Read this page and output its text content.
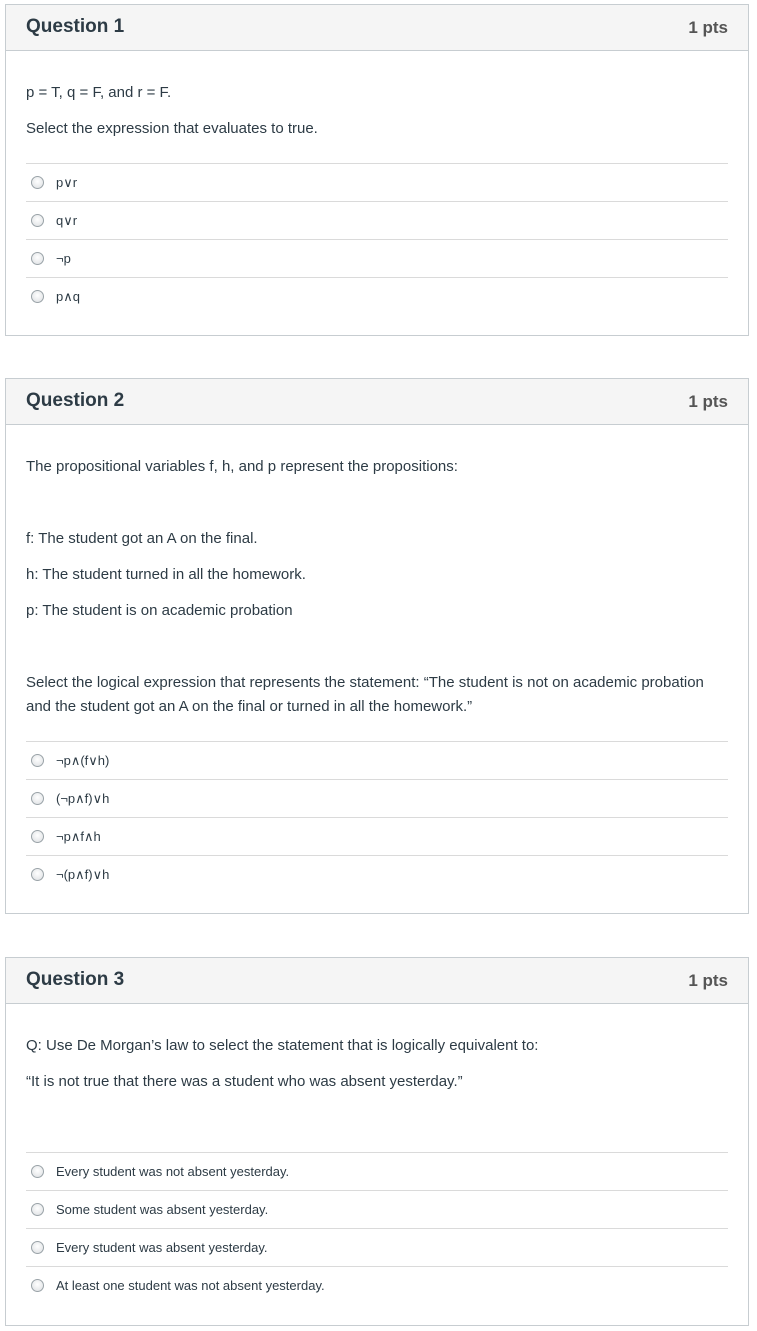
Question 1	1 pts

p = T, q = F, and r = F.

Select the expression that evaluates to true.

p∨r
q∨r
¬p
p∧q
Question 2	1 pts

The propositional variables f, h, and p represent the propositions:

f: The student got an A on the final.

h: The student turned in all the homework.

p: The student is on academic probation

Select the logical expression that represents the statement: “The student is not on academic probation and the student got an A on the final or turned in all the homework.”

¬p∧(f∨h)
(¬p∧f)∨h
¬p∧f∧h
¬(p∧f)∨h
Question 3	1 pts

Q: Use De Morgan’s law to select the statement that is logically equivalent to:

“It is not true that there was a student who was absent yesterday.”

Every student was not absent yesterday.
Some student was absent yesterday.
Every student was absent yesterday.
At least one student was not absent yesterday.
